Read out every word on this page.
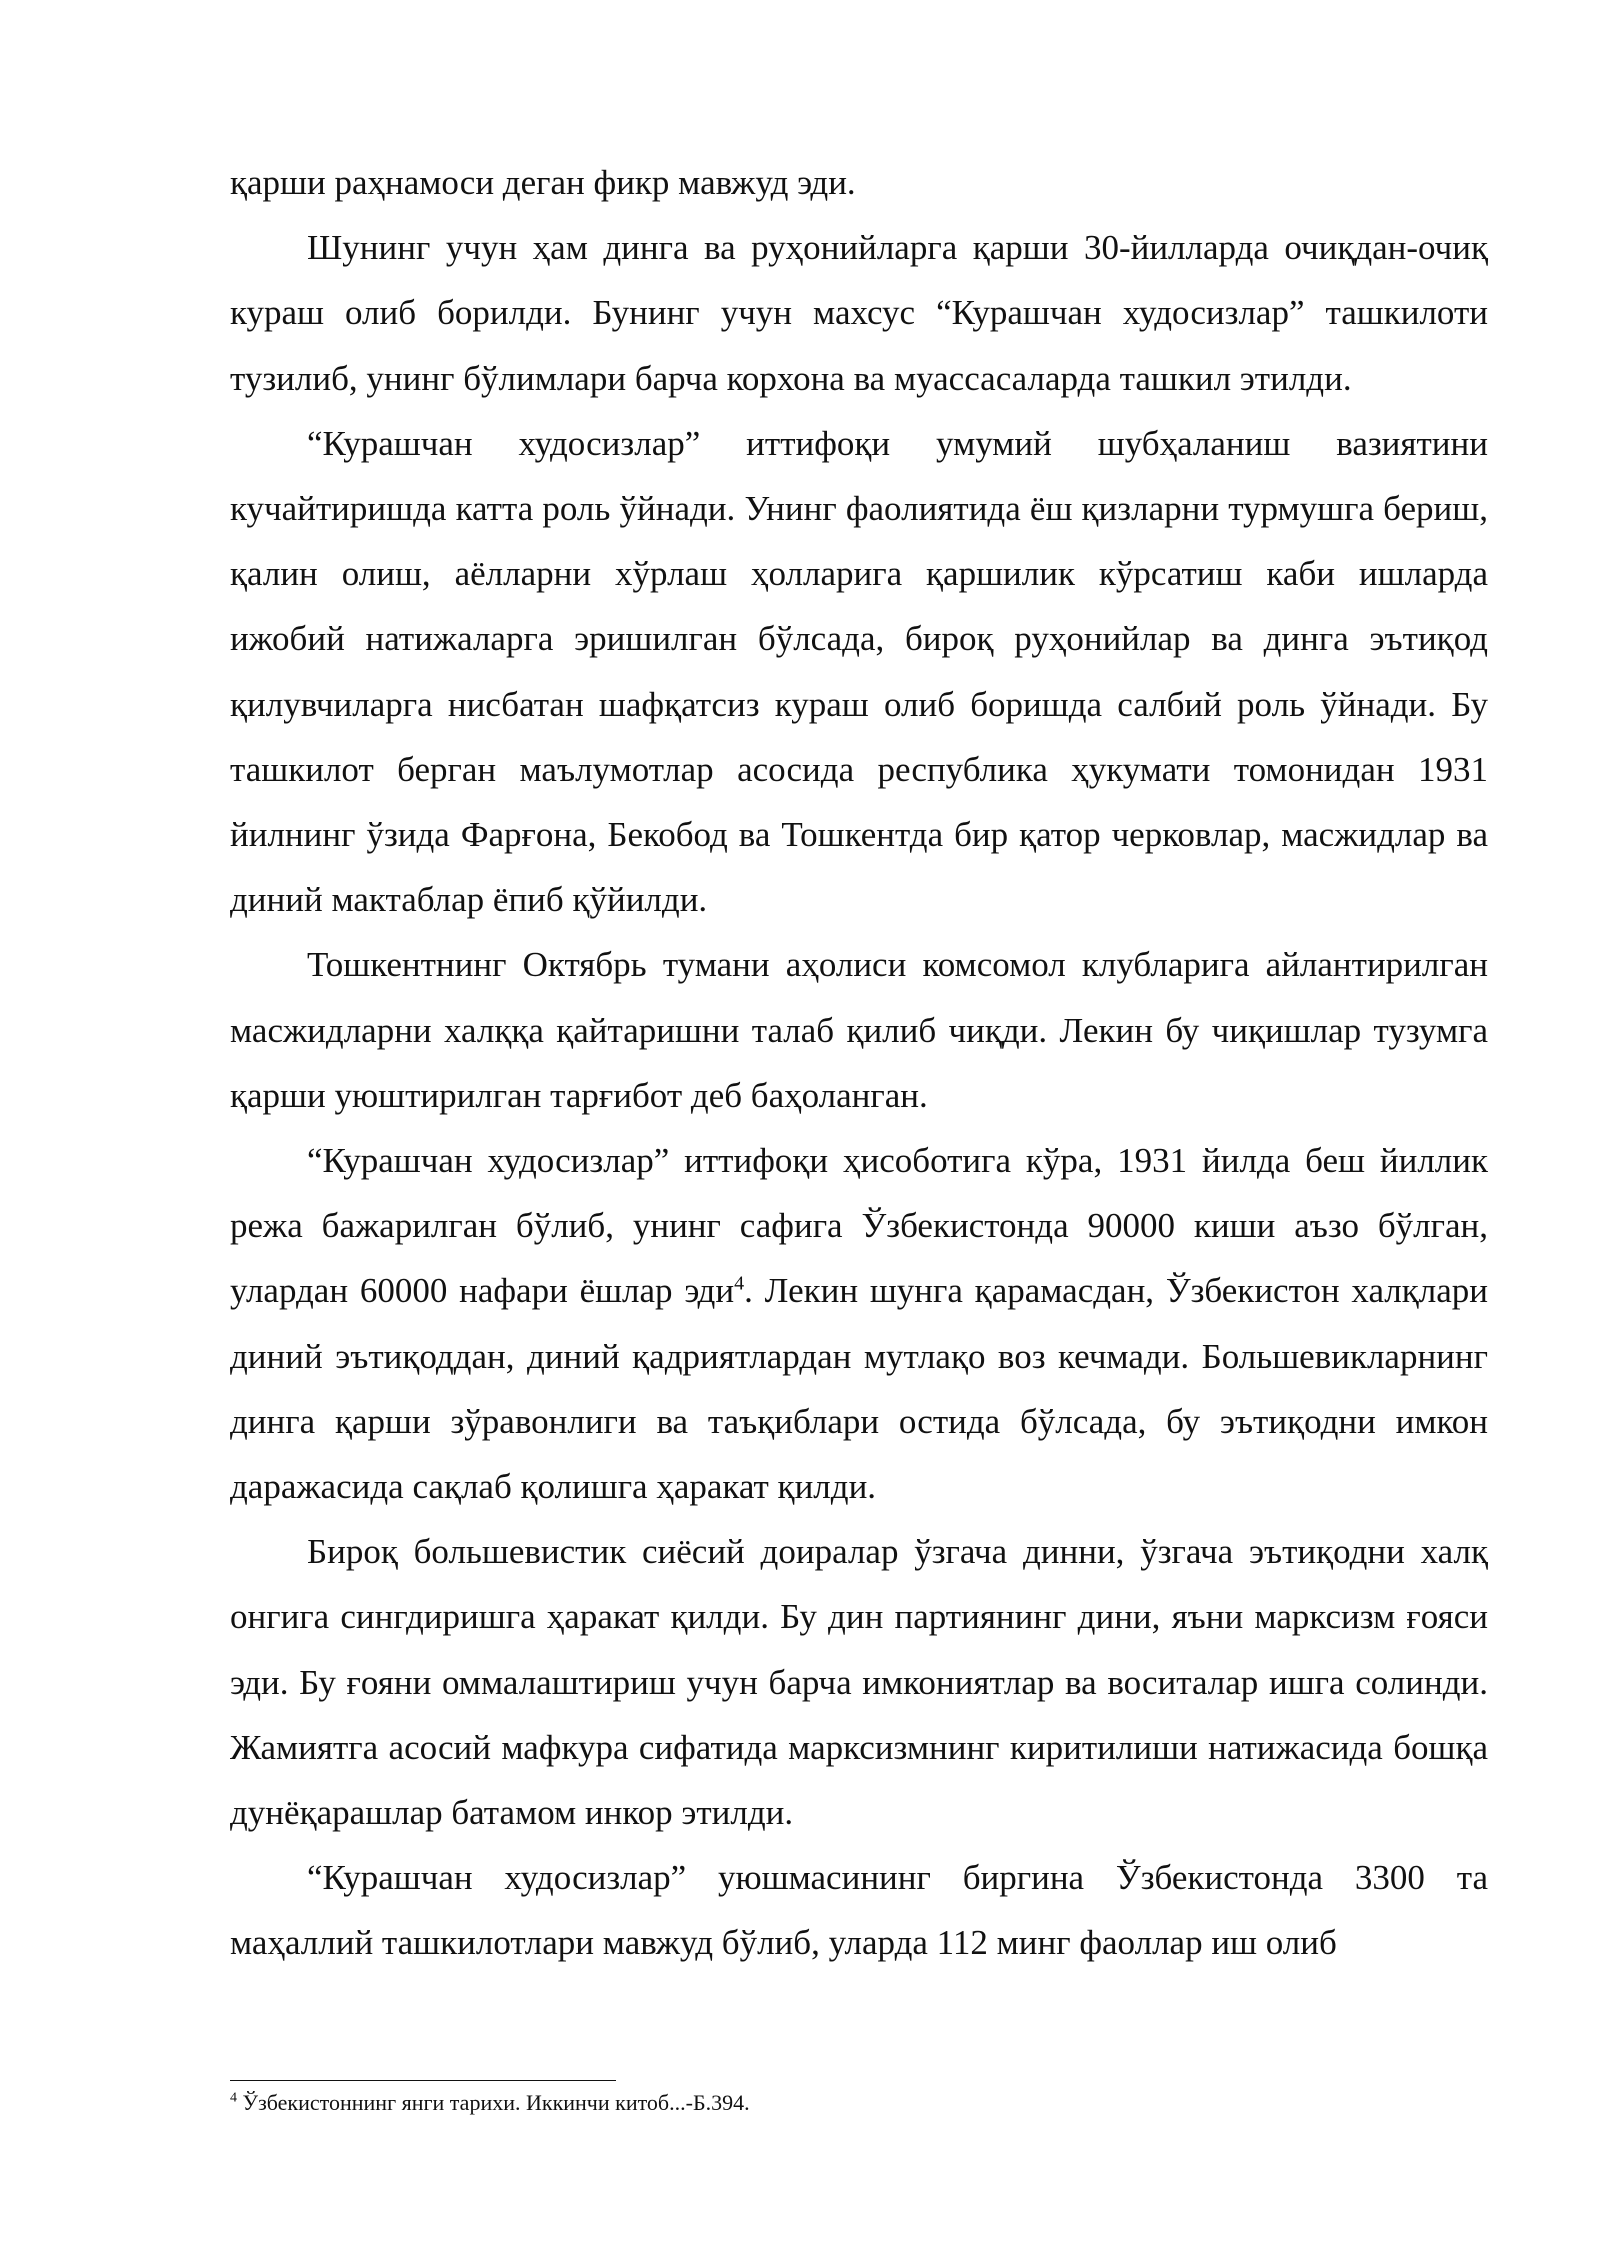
қарши раҳнамоси деган фикр мавжуд эди.

Шунинг учун ҳам динга ва руҳонийларга қарши 30-йилларда очиқдан-очиқ кураш олиб борилди. Бунинг учун махсус “Курашчан худосизлар” ташкилоти тузилиб, унинг бўлимлари барча корхона ва муассасаларда ташкил этилди.

“Курашчан худосизлар” иттифоқи умумий шубҳаланиш вазиятини кучайтиришда катта роль ўйнади. Унинг фаолиятида ёш қизларни турмушга бериш, қалин олиш, аёлларни хўрлаш ҳолларига қаршилик кўрсатиш каби ишларда ижобий натижаларга эришилган бўлсада, бироқ руҳонийлар ва динга эътиқод қилувчиларга нисбатан шафқатсиз кураш олиб боришда салбий роль ўйнади. Бу ташкилот берган маълумотлар асосида республика ҳукумати томонидан 1931 йилнинг ўзида Фарғона, Бекобод ва Тошкентда бир қатор черковлар, масжидлар ва диний мактаблар ёпиб қўйилди.

Тошкентнинг Октябрь тумани аҳолиси комсомол клубларига айлантирилган масжидларни халққа қайтаришни талаб қилиб чиқди. Лекин бу чиқишлар тузумга қарши уюштирилган тарғибот деб баҳоланган.

“Курашчан худосизлар” иттифоқи ҳисоботига кўра, 1931 йилда беш йиллик режа бажарилган бўлиб, унинг сафига Ўзбекистонда 90000 киши аъзо бўлган, улардан 60000 нафари ёшлар эди$^4$. Лекин шунга қарамасдан, Ўзбекистон халқлари диний эътиқоддан, диний қадриятлардан мутлақо воз кечмади. Большевикларнинг динга қарши зўравонлиги ва таъқиблари остида бўлсада, бу эътиқодни имкон даражасида сақлаб қолишга ҳаракат қилди.

Бироқ большевистик сиёсий доиралар ўзгача динни, ўзгача эътиқодни халқ онгига сингдиришга ҳаракат қилди. Бу дин партиянинг дини, яъни марксизм ғояси эди. Бу ғояни оммалаштириш учун барча имкониятлар ва воситалар ишга солинди. Жамиятга асосий мафкура сифатида марксизмнинг киритилиши натижасида бошқа дунёқарашлар батамом инкор этилди.

“Курашчан худосизлар” уюшмасининг биргина Ўзбекистонда 3300 та маҳаллий ташкилотлари мавжуд бўлиб, уларда 112 минг фаоллар иш олиб

$^4$ Ўзбекистоннинг янги тарихи. Иккинчи китоб...-Б.394.
